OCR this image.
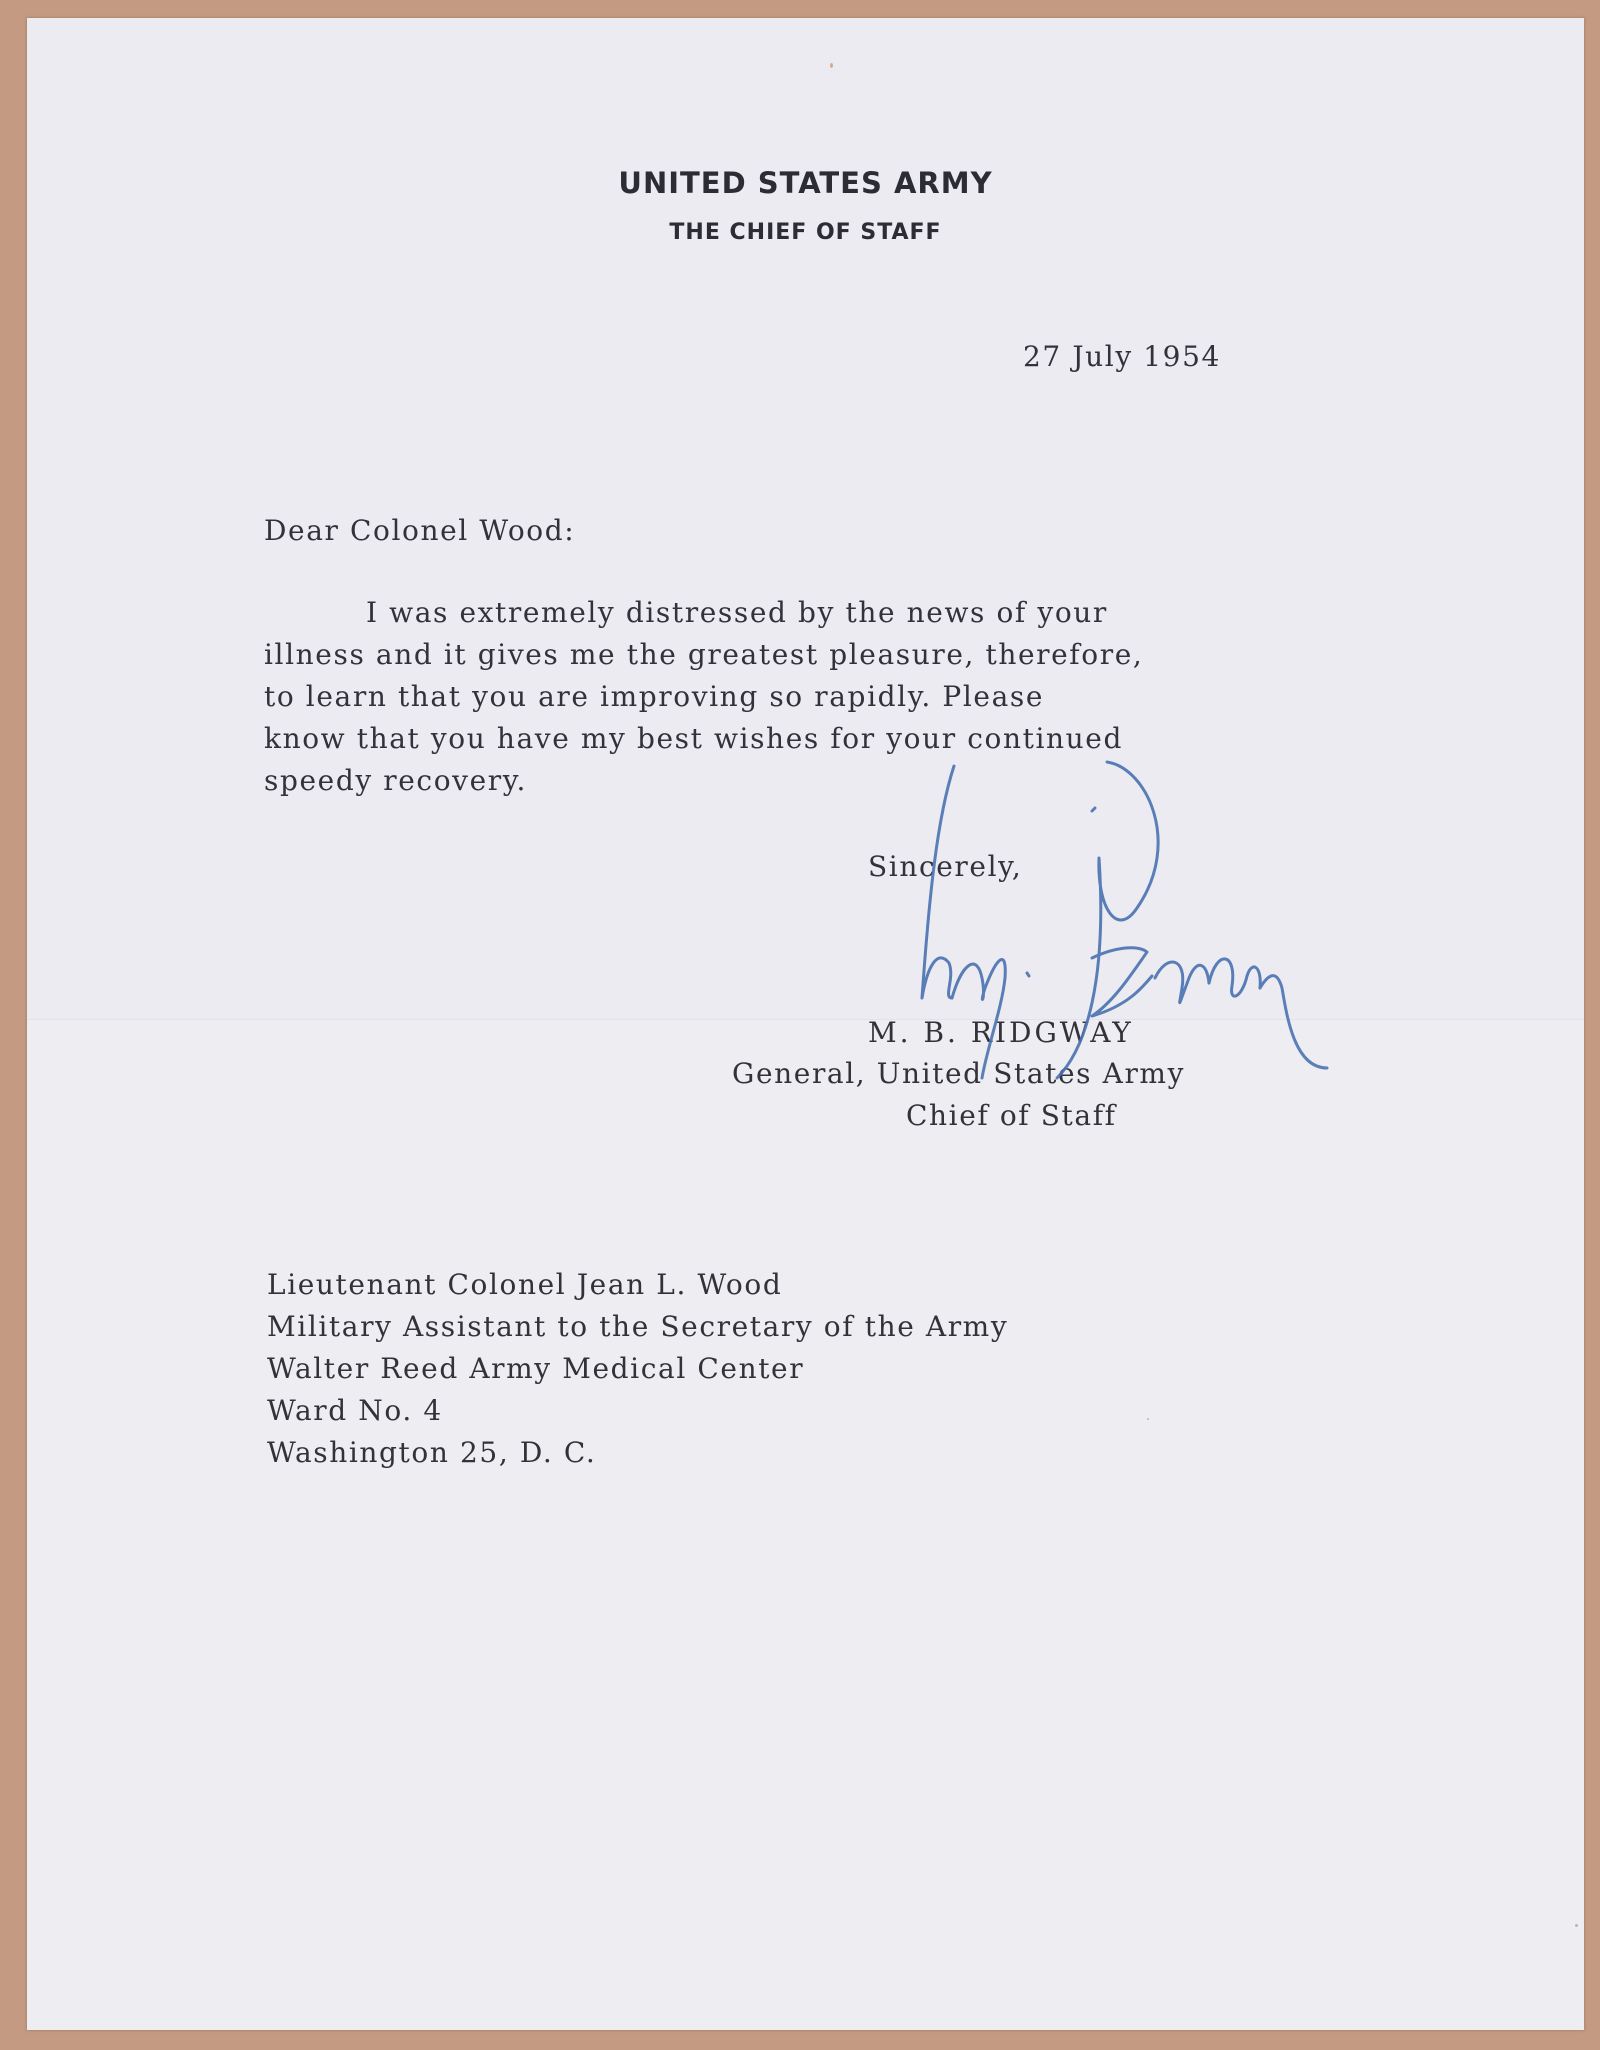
UNITED STATES ARMY
THE CHIEF OF STAFF
27 July 1954
Dear Colonel Wood:
I was extremely distressed by the news of your
illness and it gives me the greatest pleasure, therefore,
to learn that you are improving so rapidly. Please
know that you have my best wishes for your continued
speedy recovery.
Sincerely,
M. B. RIDGWAY
General, United States Army
Chief of Staff
Lieutenant Colonel Jean L. Wood
Military Assistant to the Secretary of the Army
Walter Reed Army Medical Center
Ward No. 4
Washington 25, D. C.
